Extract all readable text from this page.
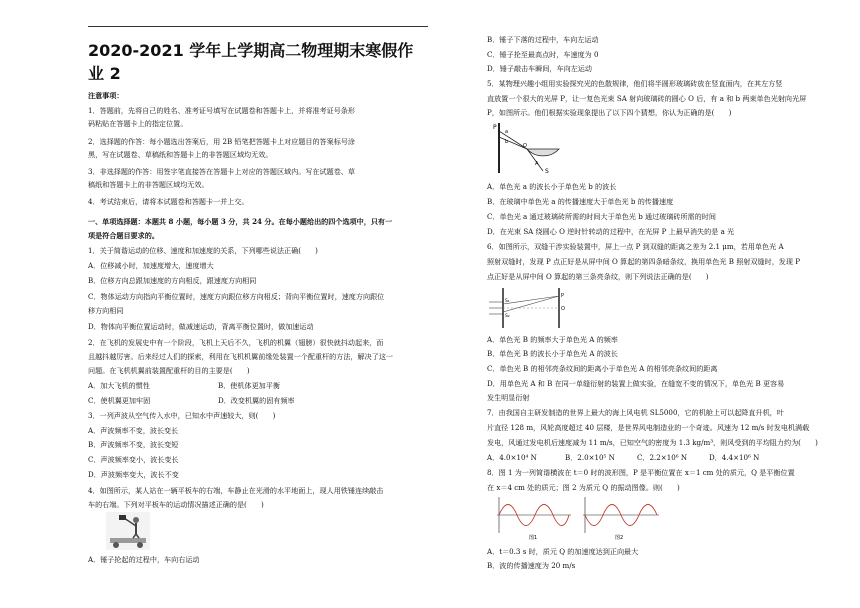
2020-2021 学年上学期高二物理期末寒假作业 2
注意事项：
1．答题前，先将自己的姓名、准考证号填写在试题卷和答题卡上，并将准考证号条形
码粘贴在答题卡上的指定位置。
2．选择题的作答：每小题选出答案后，用 2B 铅笔把答题卡上对应题目的答案标号涂
黑，写在试题卷、草稿纸和答题卡上的非答题区域均无效。
3．非选择题的作答：用签字笔直接答在答题卡上对应的答题区域内。写在试题卷、草
稿纸和答题卡上的非答题区域均无效。
4．考试结束后，请将本试题卷和答题卡一并上交。
一、单项选择题：本题共 8 小题，每小题 3 分，共 24 分。在每小题给出的四个选项中，只有一
项是符合题目要求的。
1．关于简谐运动的位移、速度和加速度的关系，下列哪些说法正确(　　)
A．位移减小时，加速度增大，速度增大
B．位移方向总跟加速度的方向相反，跟速度方向相同
C．物体运动方向指向平衡位置时，速度方向跟位移方向相反；背向平衡位置时，速度方向跟位
移方向相同
D．物体向平衡位置运动时，做减速运动，背离平衡位置时，做加速运动
2．在飞机的发展史中有一个阶段，飞机上天后不久，飞机的机翼（翅膀）很快就抖动起来，而
且越抖越厉害。后来经过人们的探索，利用在飞机机翼前缘处装置一个配重杆的方法，解决了这一
问题。在飞机机翼前装置配重杆的目的主要是(　　)
A．加大飞机的惯性	B．使机体更加平衡
C．使机翼更加牢固	D．改变机翼的固有频率
3．一列声波从空气传入水中，已知水中声速较大，则(　　)
A．声波频率不变，波长变长
B．声波频率不变，波长变短
C．声波频率变小，波长变长
D．声波频率变大，波长不变
4．如图所示，某人站在一辆平板车的右端，车静止在光滑的水平地面上，现人用铁锤连续敲击
车的右端。下列对平板车的运动情况描述正确的是(　　)
A．锤子抡起的过程中，车向右运动
B．锤子下落的过程中，车向左运动
C．锤子抡至最高点时，车速度为 0
D．锤子敲击车瞬间，车向左运动
5．某物理兴趣小组用实验探究光的色散规律，他们将半圆形玻璃砖放在竖直面内，在其左方竖
直放置一个很大的光屏 P，让一复色光束 SA 射向玻璃砖的圆心 O 后，有 a 和 b 两束单色光射向光屏
P，如图所示。他们根据实验现象提出了以下四个猜想，你认为正确的是(　　)
P
S
a
b
A
O
A．单色光 a 的波长小于单色光 b 的波长
B．在玻璃中单色光 a 的传播速度大于单色光 b 的传播速度
C．单色光 a 通过玻璃砖所需的时间大于单色光 b 通过玻璃砖所需的时间
D．在光束 SA 绕圆心 O 逆时针转动的过程中，在光屏 P 上最早消失的是 a 光
6．如图所示，双缝干涉实验装置中，屏上一点 P 到双缝的距离之差为 2.1 μm，若用单色光 A
照射双缝时，发现 P 点正好是从屏中间 O 算起的第四条暗条纹，换用单色光 B 照射双缝时，发现 P
点正好是从屏中间 O 算起的第三条亮条纹，则下列说法正确的是(　　)
S₁
S₂
P
O
A．单色光 B 的频率大于单色光 A 的频率
B．单色光 B 的波长小于单色光 A 的波长
C．单色光 B 的相邻亮条纹间的距离小于单色光 A 的相邻亮条纹间的距离
D．用单色光 A 和 B 在同一单缝衍射的装置上做实验，在缝宽不变的情况下，单色光 B 更容易
发生明显衍射
7．由我国自主研发制造的世界上最大的海上风电机 SL5000，它的机舱上可以起降直升机，叶
片直径 128 m，风轮高度超过 40 层楼，是世界风电制造业的一个奇迹。风速为 12 m/s 时发电机满载
发电，风通过发电机后速度减为 11 m/s，已知空气的密度为 1.3 kg/m³，则风受到的平均阻力约为(　　)
A．4.0×10⁴ N	B．2.0×10⁵ N	C．2.2×10⁶ N	D．4.4×10⁶ N
8．图 1 为一列简谐横波在 t＝0 时的波形图，P 是平衡位置在 x＝1 cm 处的质元，Q 是平衡位置
在 x＝4 cm 处的质元；图 2 为质元 Q 的振动图像。则(　　)
图1	图2
A．t＝0.3 s 时，质元 Q 的加速度达到正向最大
B．波的传播速度为 20 m/s
